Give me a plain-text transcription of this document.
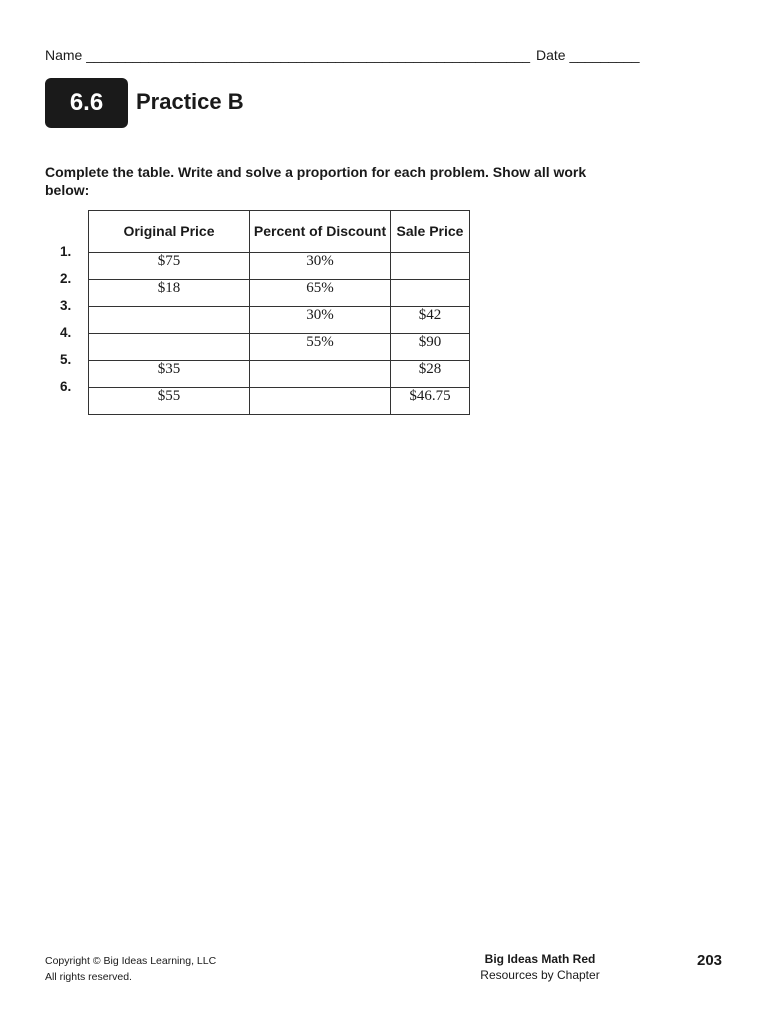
Name _________________________________________________________ Date _________
6.6	Practice B
Complete the table. Write and solve a proportion for each problem. Show all work below:
1.
2.
3.
4.
5.
6.
Original Price	Percent of Discount	Sale Price
$75	30%	
$18	65%	
	30%	$42
	55%	$90
$35		$28
$55		$46.75
Copyright © Big Ideas Learning, LLC
All rights reserved.
Big Ideas Math Red
Resources by Chapter
203
